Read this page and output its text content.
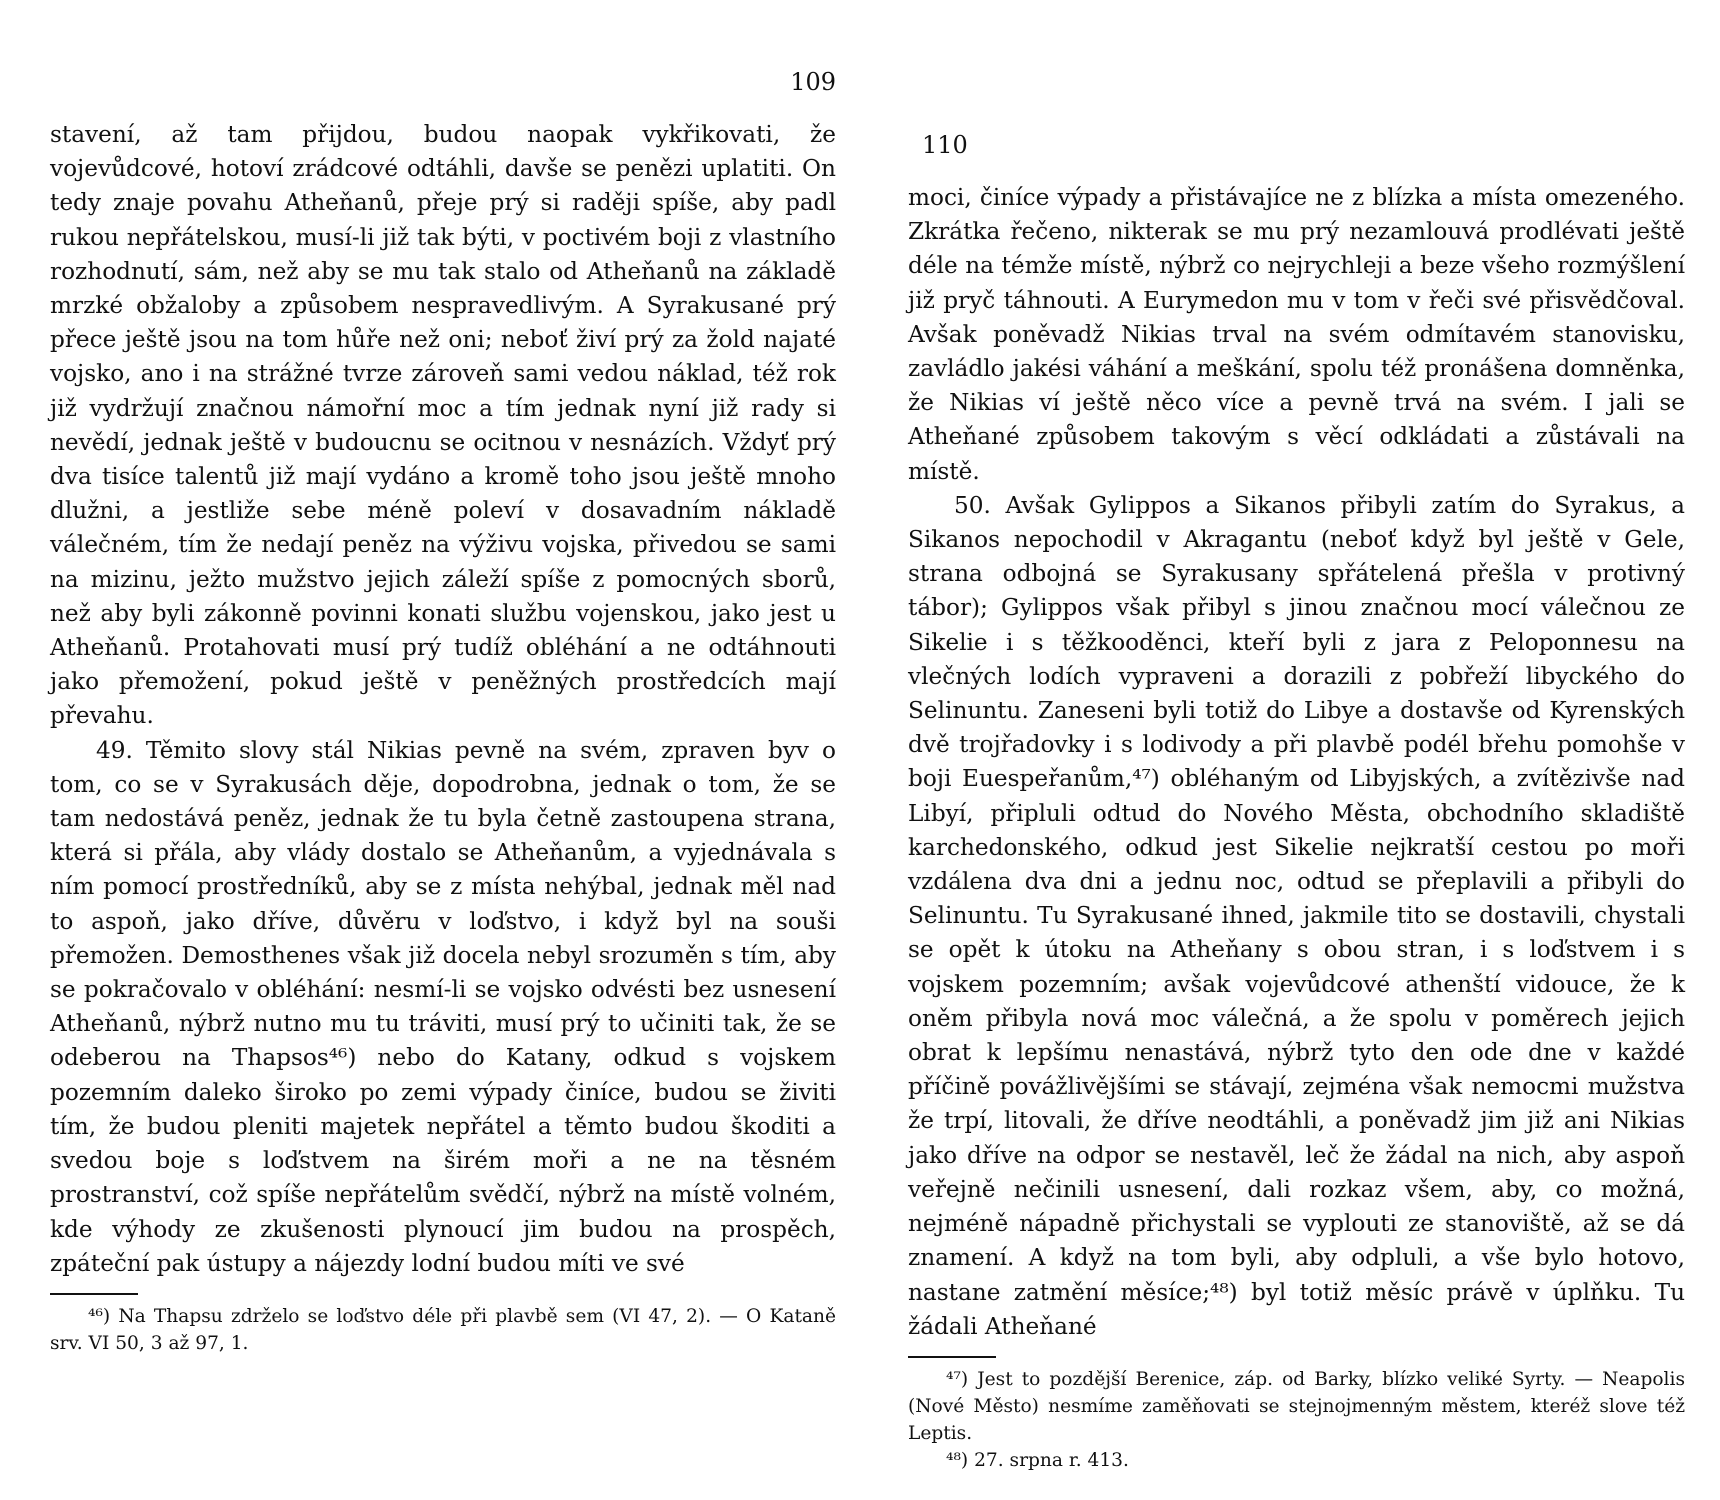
109

stavení, až tam přijdou, budou naopak vykřikovati, že vojevůdcové, hotoví zrádcové odtáhli, davše se penězi uplatiti. On tedy znaje povahu Atheňanů, přeje prý si raději spíše, aby padl rukou nepřátelskou, musí-li již tak býti, v poctivém boji z vlastního rozhodnutí, sám, než aby se mu tak stalo od Atheňanů na základě mrzké obžaloby a způsobem nespravedlivým. A Syrakusané prý přece ještě jsou na tom hůře než oni; neboť živí prý za žold najaté vojsko, ano i na strážné tvrze zároveň sami vedou náklad, též rok již vydržují značnou námořní moc a tím jednak nyní již rady si nevědí, jednak ještě v budoucnu se ocitnou v nesnázích. Vždyť prý dva tisíce talentů již mají vydáno a kromě toho jsou ještě mnoho dlužni, a jestliže sebe méně poleví v dosavadním nákladě válečném, tím že nedají peněz na výživu vojska, přivedou se sami na mizinu, ježto mužstvo jejich záleží spíše z pomocných sborů, než aby byli zákonně povinni konati službu vojenskou, jako jest u Atheňanů. Protahovati musí prý tudíž obléhání a ne odtáhnouti jako přemožení, pokud ještě v peněžných prostředcích mají převahu.

49. Těmito slovy stál Nikias pevně na svém, zpraven byv o tom, co se v Syrakusách děje, dopodrobna, jednak o tom, že se tam nedostává peněz, jednak že tu byla četně zastoupena strana, která si přála, aby vlády dostalo se Atheňanům, a vyjednávala s ním pomocí prostředníků, aby se z místa nehýbal, jednak měl nad to aspoň, jako dříve, důvěru v loďstvo, i když byl na souši přemožen. Demosthenes však již docela nebyl srozuměn s tím, aby se pokračovalo v obléhání: nesmí-li se vojsko odvésti bez usnesení Atheňanů, nýbrž nutno mu tu tráviti, musí prý to učiniti tak, že se odeberou na Thapsos⁴⁶) nebo do Katany, odkud s vojskem pozemním daleko široko po zemi výpady činíce, budou se živiti tím, že budou pleniti majetek nepřátel a těmto budou škoditi a svedou boje s loďstvem na širém moři a ne na těsném prostranství, což spíše nepřátelům svědčí, nýbrž na místě volném, kde výhody ze zkušenosti plynoucí jim budou na prospěch, zpáteční pak ústupy a nájezdy lodní budou míti ve své

⁴⁶) Na Thapsu zdrželo se loďstvo déle při plavbě sem (VI 47, 2). — O Kataně srv. VI 50, 3 až 97, 1.

110

moci, činíce výpady a přistávajíce ne z blízka a místa omezeného. Zkrátka řečeno, nikterak se mu prý nezamlouvá prodlévati ještě déle na témže místě, nýbrž co nejrychleji a beze všeho rozmýšlení již pryč táhnouti. A Eurymedon mu v tom v řeči své přisvědčoval. Avšak poněvadž Nikias trval na svém odmítavém stanovisku, zavládlo jakési váhání a meškání, spolu též pronášena domněnka, že Nikias ví ještě něco více a pevně trvá na svém. I jali se Atheňané způsobem takovým s věcí odkládati a zůstávali na místě.

50. Avšak Gylippos a Sikanos přibyli zatím do Syrakus, a Sikanos nepochodil v Akragantu (neboť když byl ještě v Gele, strana odbojná se Syrakusany spřátelená přešla v protivný tábor); Gylippos však přibyl s jinou značnou mocí válečnou ze Sikelie i s těžkooděnci, kteří byli z jara z Peloponnesu na vlečných lodích vypraveni a dorazili z pobřeží libyckého do Selinuntu. Zaneseni byli totiž do Libye a dostavše od Kyrenských dvě trojřadovky i s lodivody a při plavbě podél břehu pomohše v boji Euespeřanům,⁴⁷) obléhaným od Libyjských, a zvítězivše nad Libyí, připluli odtud do Nového Města, obchodního skladiště karchedonského, odkud jest Sikelie nejkratší cestou po moři vzdálena dva dni a jednu noc, odtud se přeplavili a přibyli do Selinuntu. Tu Syrakusané ihned, jakmile tito se dostavili, chystali se opět k útoku na Atheňany s obou stran, i s loďstvem i s vojskem pozemním; avšak vojevůdcové athenští vidouce, že k oněm přibyla nová moc válečná, a že spolu v poměrech jejich obrat k lepšímu nenastává, nýbrž tyto den ode dne v každé příčině povážlivějšími se stávají, zejména však nemocmi mužstva že trpí, litovali, že dříve neodtáhli, a poněvadž jim již ani Nikias jako dříve na odpor se nestavěl, leč že žádal na nich, aby aspoň veřejně nečinili usnesení, dali rozkaz všem, aby, co možná, nejméně nápadně přichystali se vyplouti ze stanoviště, až se dá znamení. A když na tom byli, aby odpluli, a vše bylo hotovo, nastane zatmění měsíce;⁴⁸) byl totiž měsíc právě v úplňku. Tu žádali Atheňané

⁴⁷) Jest to pozdější Berenice, záp. od Barky, blízko veliké Syrty. — Neapolis (Nové Město) nesmíme zaměňovati se stejnojmenným městem, kteréž slove též Leptis.

⁴⁸) 27. srpna r. 413.
